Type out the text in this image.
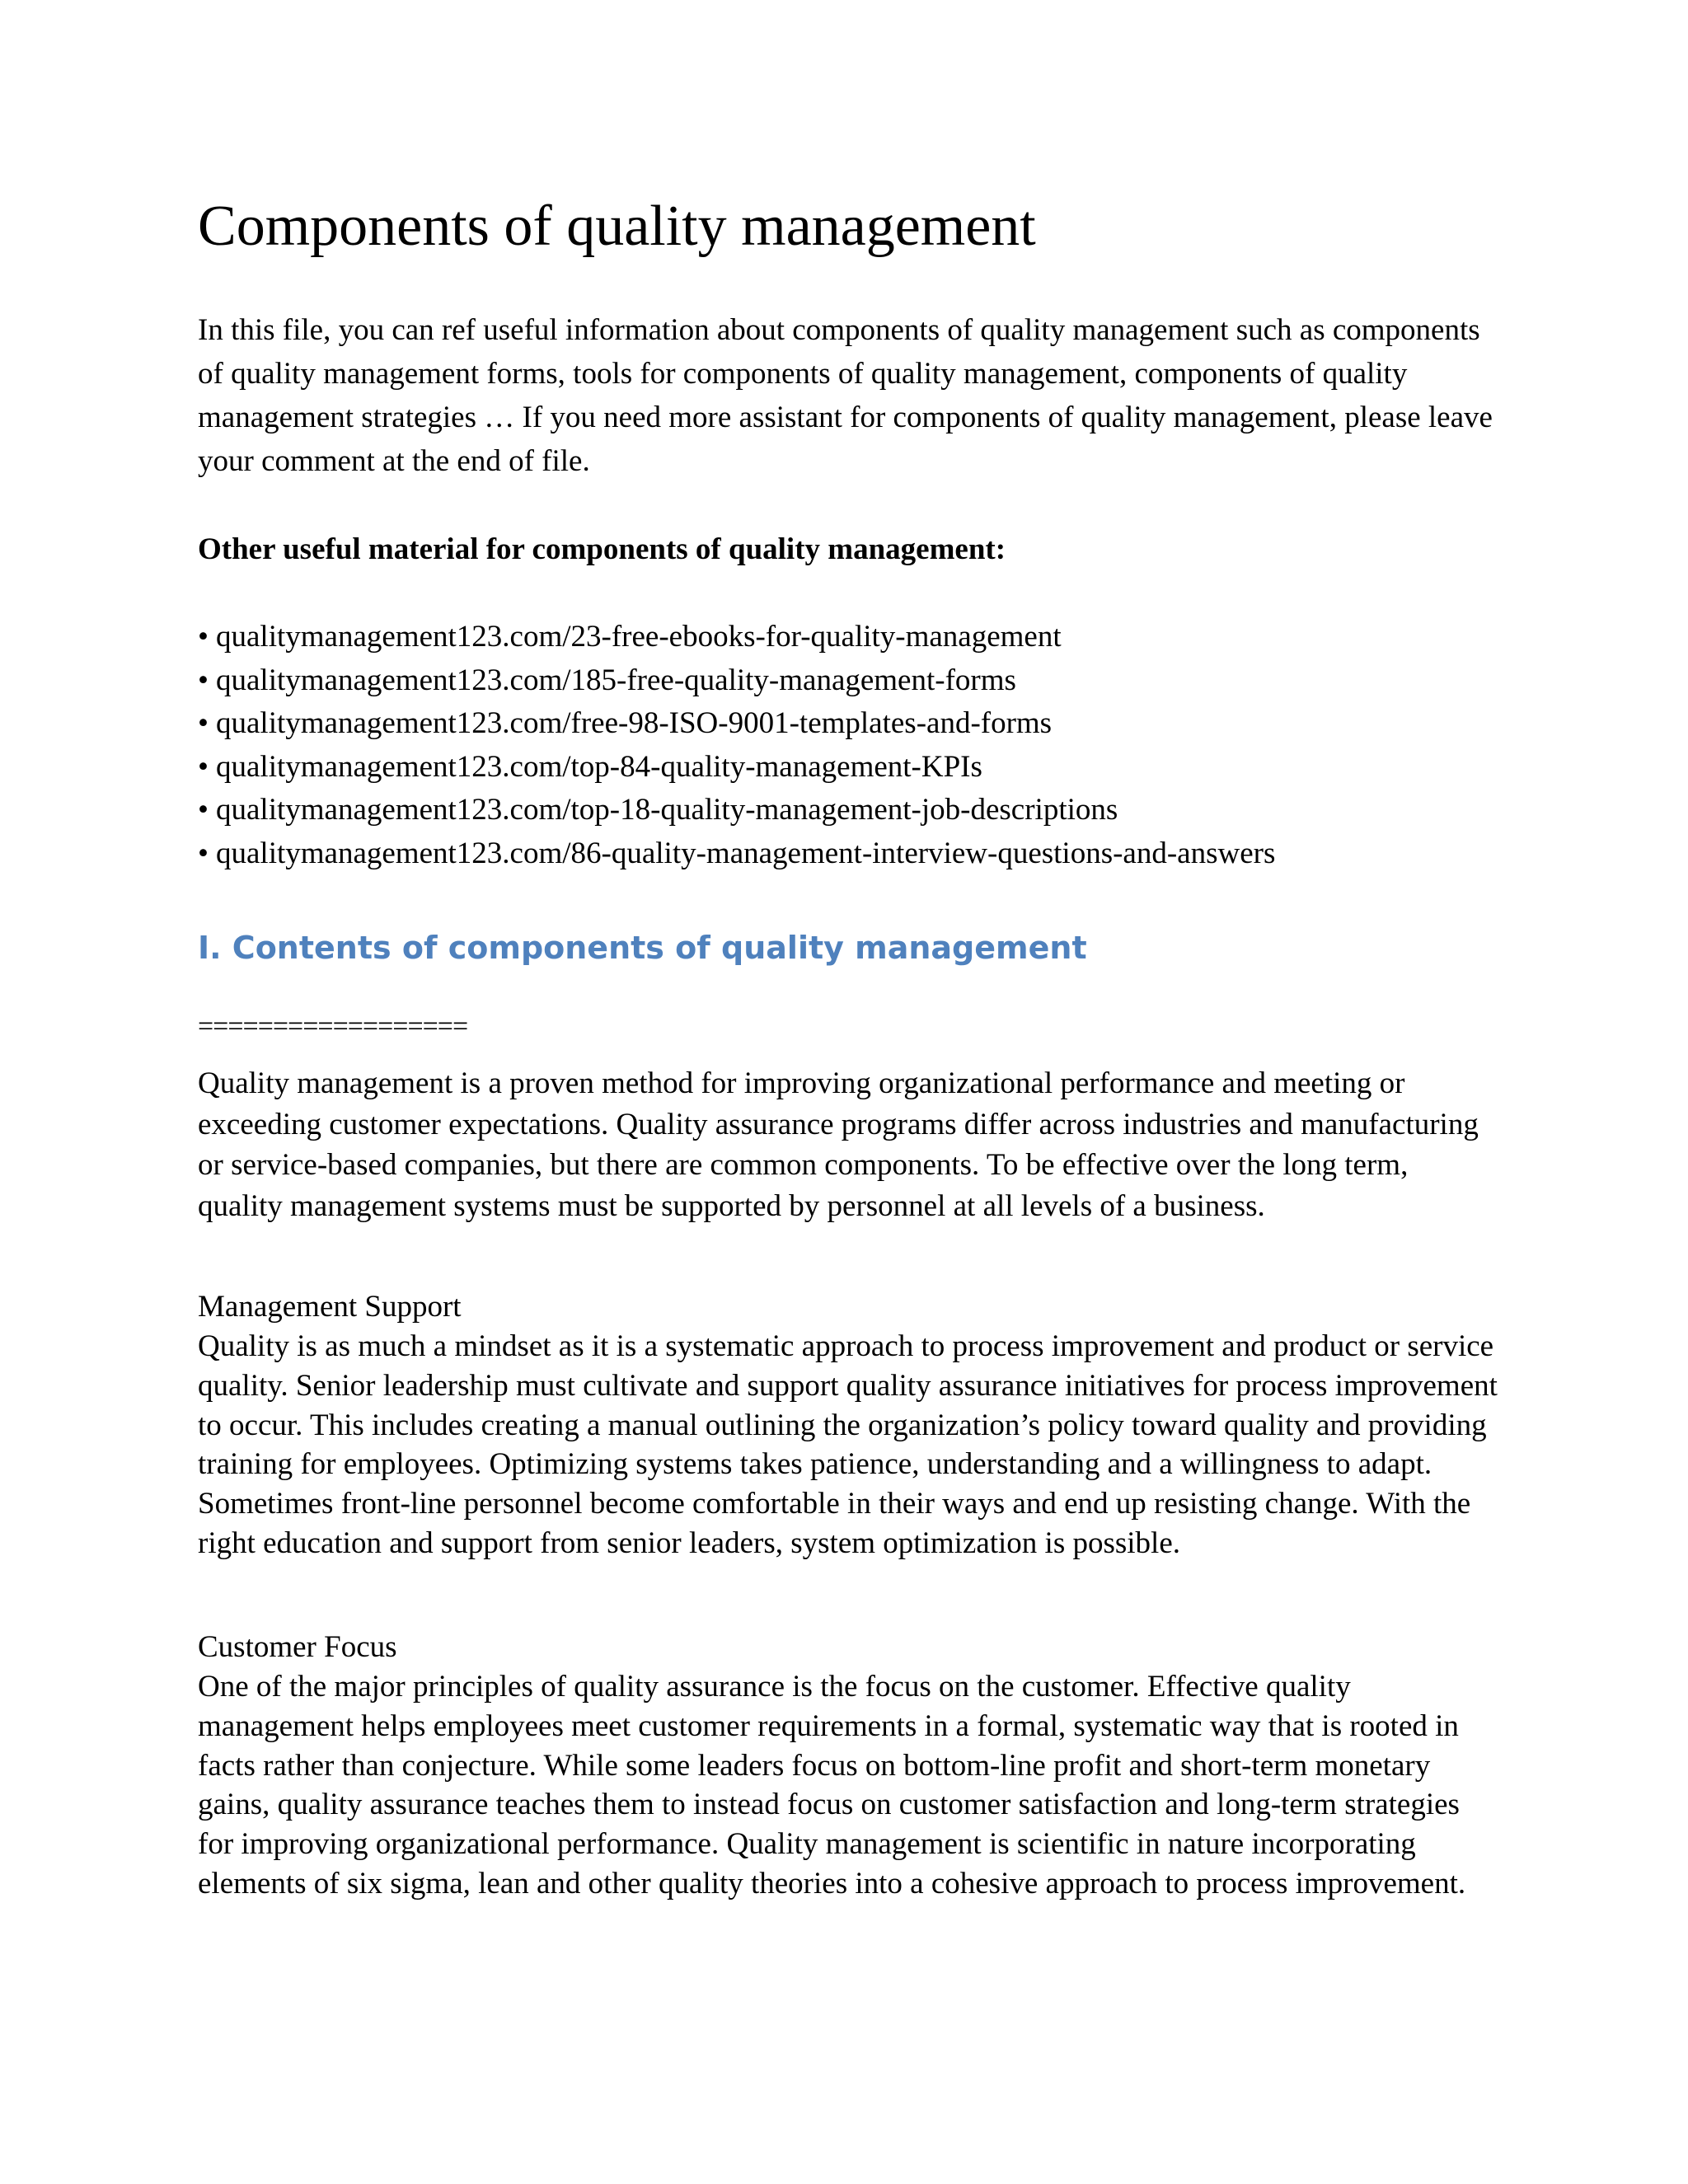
Components of quality management

In this file, you can ref useful information about components of quality management such as components of quality management forms, tools for components of quality management, components of quality management strategies … If you need more assistant for components of quality management, please leave your comment at the end of file.

Other useful material for components of quality management:

• qualitymanagement123.com/23-free-ebooks-for-quality-management
• qualitymanagement123.com/185-free-quality-management-forms
• qualitymanagement123.com/free-98-ISO-9001-templates-and-forms
• qualitymanagement123.com/top-84-quality-management-KPIs
• qualitymanagement123.com/top-18-quality-management-job-descriptions
• qualitymanagement123.com/86-quality-management-interview-questions-and-answers
I. Contents of components of quality management

==================

Quality management is a proven method for improving organizational performance and meeting or exceeding customer expectations. Quality assurance programs differ across industries and manufacturing or service-based companies, but there are common components. To be effective over the long term, quality management systems must be supported by personnel at all levels of a business.

Management Support

Quality is as much a mindset as it is a systematic approach to process improvement and product or service quality. Senior leadership must cultivate and support quality assurance initiatives for process improvement to occur. This includes creating a manual outlining the organization’s policy toward quality and providing training for employees. Optimizing systems takes patience, understanding and a willingness to adapt. Sometimes front-line personnel become comfortable in their ways and end up resisting change. With the right education and support from senior leaders, system optimization is possible.

Customer Focus

One of the major principles of quality assurance is the focus on the customer. Effective quality management helps employees meet customer requirements in a formal, systematic way that is rooted in facts rather than conjecture. While some leaders focus on bottom-line profit and short-term monetary gains, quality assurance teaches them to instead focus on customer satisfaction and long-term strategies for improving organizational performance. Quality management is scientific in nature incorporating elements of six sigma, lean and other quality theories into a cohesive approach to process improvement.
